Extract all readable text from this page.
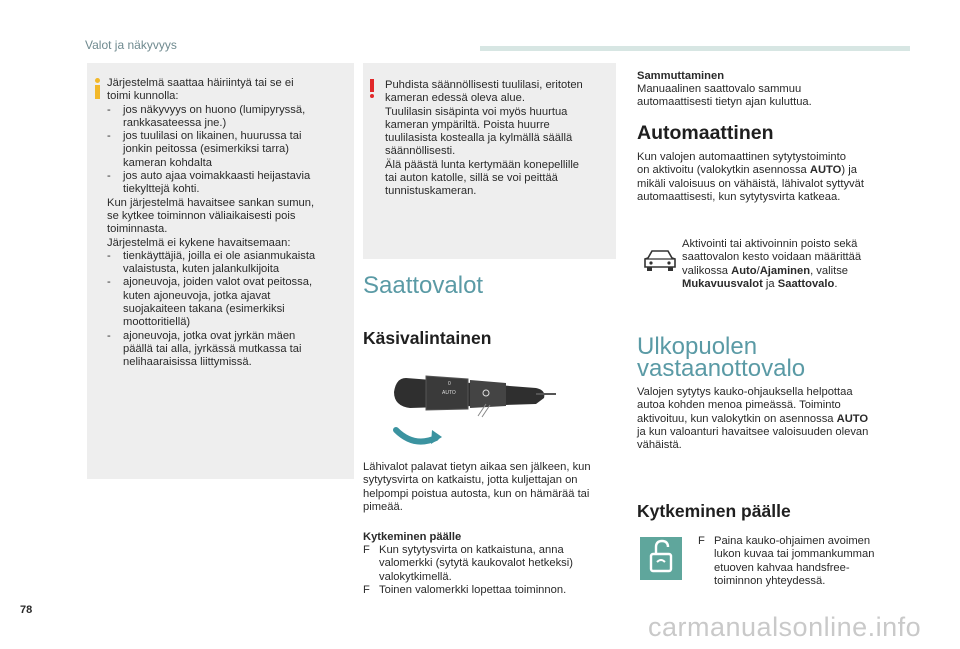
Valot ja näkyvyys
Järjestelmä saattaa häiriintyä tai se ei
toimi kunnolla:
- jos näkyvyys on huono (lumipyryssä,
rankkasateessa jne.)
- jos tuulilasi on likainen, huurussa tai
jonkin peitossa (esimerkiksi tarra)
kameran kohdalta
- jos auto ajaa voimakkaasti heijastavia
tiekylttejä kohti.
Kun järjestelmä havaitsee sankan sumun,
se kytkee toiminnon väliaikaisesti pois
toiminnasta.
Järjestelmä ei kykene havaitsemaan:
- tienkäyttäjiä, joilla ei ole asianmukaista
valaistusta, kuten jalankulkijoita
- ajoneuvoja, joiden valot ovat peitossa,
kuten ajoneuvoja, jotka ajavat
suojakaiteen takana (esimerkiksi
moottoritiellä)
- ajoneuvoja, jotka ovat jyrkän mäen
päällä tai alla, jyrkässä mutkassa tai
nelihaaraisissa liittymissä.
Puhdista säännöllisesti tuulilasi, eritoten
kameran edessä oleva alue.
Tuulilasin sisäpinta voi myös huurtua
kameran ympäriltä. Poista huurre
tuulilasista kostealla ja kylmällä säällä
säännöllisesti.
Älä päästä lunta kertymään konepellille
tai auton katolle, sillä se voi peittää
tunnistuskameran.
Saattovalot
Käsivalintainen
AUTO
0
Lähivalot palavat tietyn aikaa sen jälkeen, kun
sytytysvirta on katkaistu, jotta kuljettajan on
helpompi poistua autosta, kun on hämärää tai
pimeää.
Kytkeminen päälle
F Kun sytytysvirta on katkaistuna, anna
valomerkki (sytytä kaukovalot hetkeksi)
valokytkimellä.
F Toinen valomerkki lopettaa toiminnon.
Sammuttaminen
Manuaalinen saattovalo sammuu
automaattisesti tietyn ajan kuluttua.
Automaattinen
Kun valojen automaattinen sytytystoiminto
on aktivoitu (valokytkin asennossa AUTO) ja
mikäli valoisuus on vähäistä, lähivalot syttyvät
automaattisesti, kun sytytysvirta katkeaa.
Aktivointi tai aktivoinnin poisto sekä
saattovalon kesto voidaan määrittää
valikossa Auto/Ajaminen, valitse
Mukavuusvalot ja Saattovalo.
Ulkopuolen
vastaanottovalo
Valojen sytytys kauko-ohjauksella helpottaa
autoa kohden menoa pimeässä. Toiminto
aktivoituu, kun valokytkin on asennossa AUTO
ja kun valoanturi havaitsee valoisuuden olevan
vähäistä.
Kytkeminen päälle
F Paina kauko-ohjaimen avoimen
lukon kuvaa tai jommankumman
etuoven kahvaa handsfree-
toiminnon yhteydessä.
78
carmanualsonline.info
